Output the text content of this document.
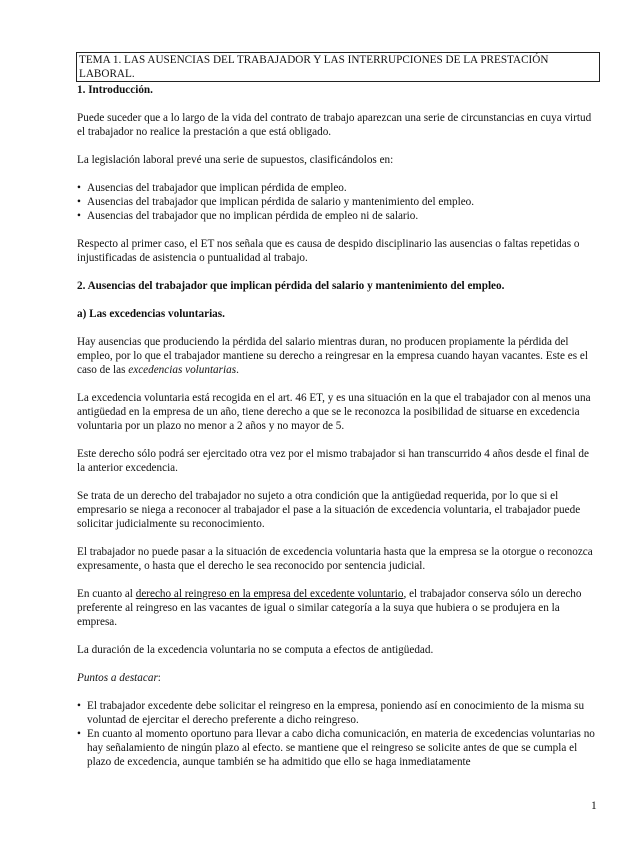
TEMA 1. LAS AUSENCIAS DEL TRABAJADOR Y LAS INTERRUPCIONES DE LA PRESTACIÓN LABORAL.
1. Introducción.

Puede suceder que a lo largo de la vida del contrato de trabajo aparezcan una serie de circunstancias en cuya virtud el trabajador no realice la prestación a que está obligado.

La legislación laboral prevé una serie de supuestos, clasificándolos en:

• Ausencias del trabajador que implican pérdida de empleo.
• Ausencias del trabajador que implican pérdida de salario y mantenimiento del empleo.
• Ausencias del trabajador que no implican pérdida de empleo ni de salario.

Respecto al primer caso, el ET nos señala que es causa de despido disciplinario las ausencias o faltas repetidas o injustificadas de asistencia o puntualidad al trabajo.

2. Ausencias del trabajador que implican pérdida del salario y mantenimiento del empleo.

a) Las excedencias voluntarias.

Hay ausencias que produciendo la pérdida del salario mientras duran, no producen propiamente la pérdida del empleo, por lo que el trabajador mantiene su derecho a reingresar en la empresa cuando hayan vacantes. Este es el caso de las excedencias voluntarias.

La excedencia voluntaria está recogida en el art. 46 ET, y es una situación en la que el trabajador con al menos una antigüedad en la empresa de un año, tiene derecho a que se le reconozca la posibilidad de situarse en excedencia voluntaria por un plazo no menor a 2 años y no mayor de 5.

Este derecho sólo podrá ser ejercitado otra vez por el mismo trabajador si han transcurrido 4 años desde el final de la anterior excedencia.

Se trata de un derecho del trabajador no sujeto a otra condición que la antigüedad requerida, por lo que si el empresario se niega a reconocer al trabajador el pase a la situación de excedencia voluntaria, el trabajador puede solicitar judicialmente su reconocimiento.

El trabajador no puede pasar a la situación de excedencia voluntaria hasta que la empresa se la otorgue o reconozca expresamente, o hasta que el derecho le sea reconocido por sentencia judicial.

En cuanto al derecho al reingreso en la empresa del excedente voluntario, el trabajador conserva sólo un derecho preferente al reingreso en las vacantes de igual o similar categoría a la suya que hubiera o se produjera en la empresa.

La duración de la excedencia voluntaria no se computa a efectos de antigüedad.

Puntos a destacar:

• El trabajador excedente debe solicitar el reingreso en la empresa, poniendo así en conocimiento de la misma su voluntad de ejercitar el derecho preferente a dicho reingreso.
• En cuanto al momento oportuno para llevar a cabo dicha comunicación, en materia de excedencias voluntarias no hay señalamiento de ningún plazo al efecto. se mantiene que el reingreso se solicite antes de que se cumpla el plazo de excedencia, aunque también se ha admitido que ello se haga inmediatamente
1
